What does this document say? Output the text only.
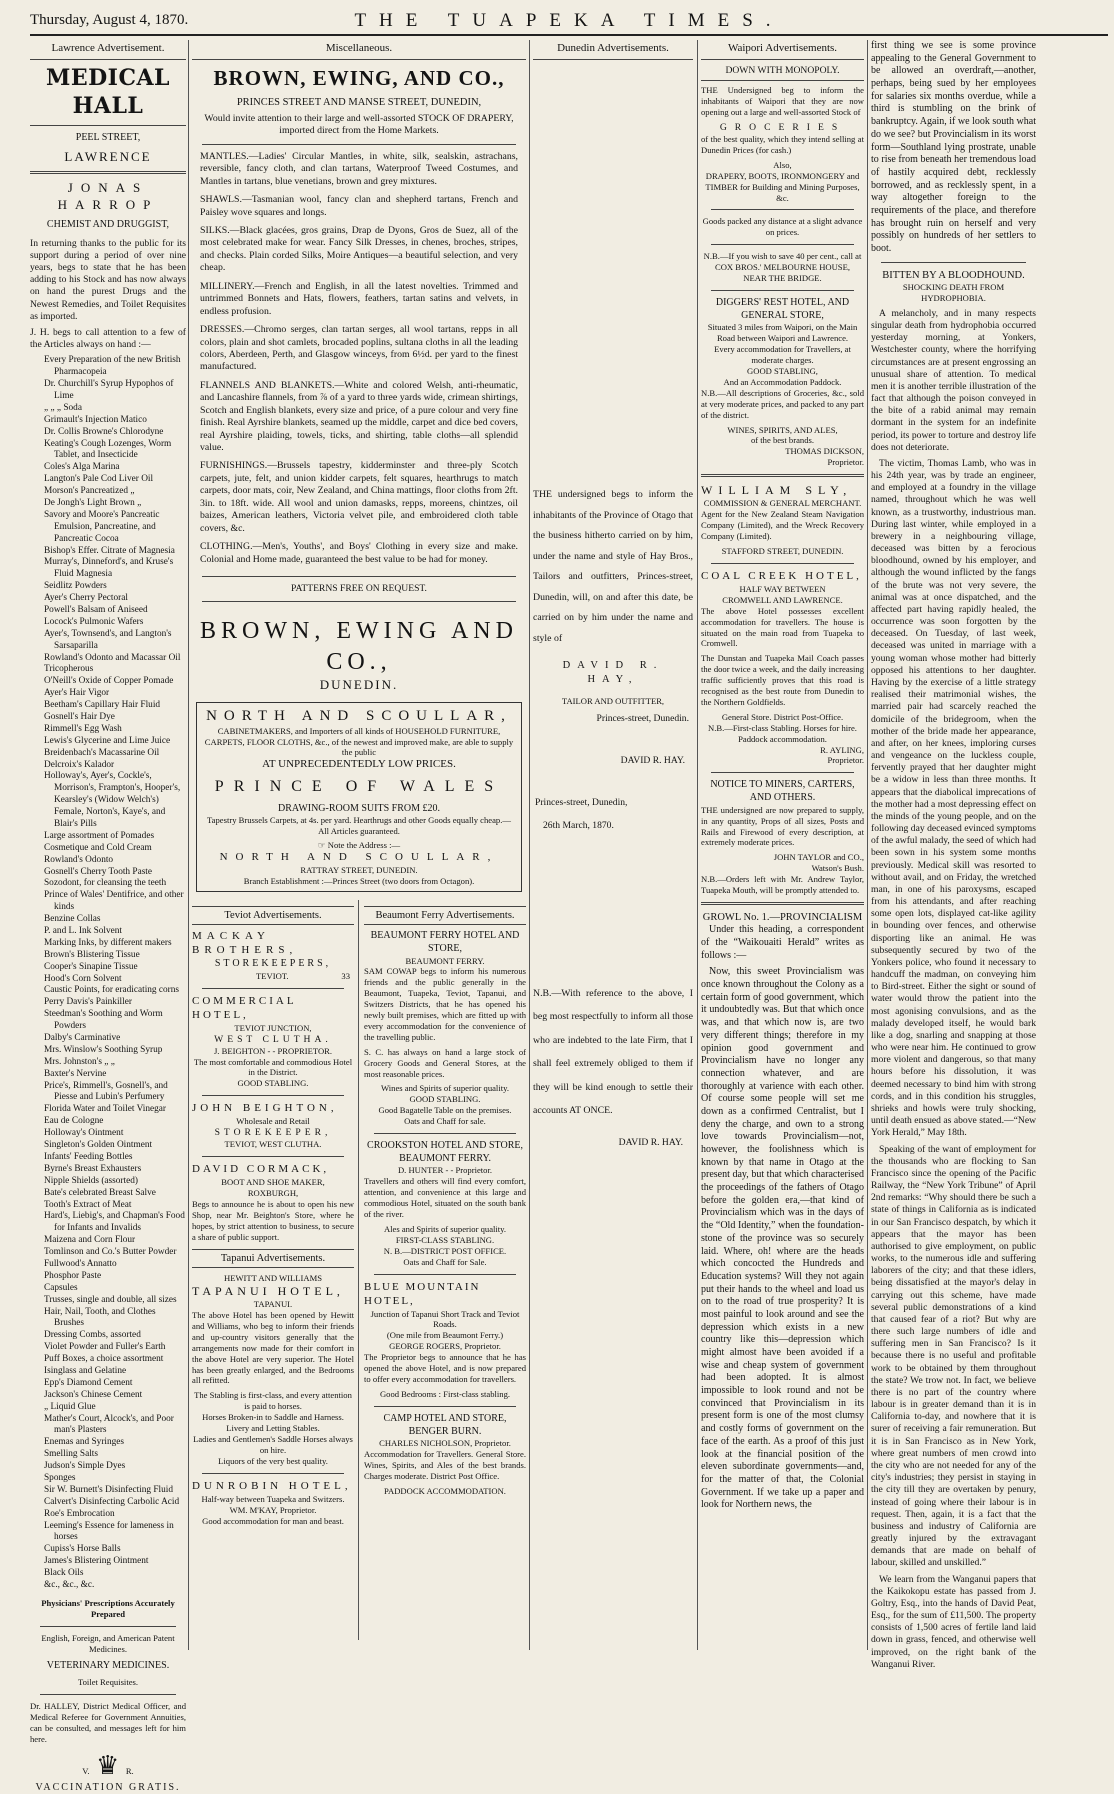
Thursday, August 4, 1870.	THE TUAPEKA TIMES.
Lawrence Advertisement.
MEDICAL HALL
PEEL STREET,
LAWRENCE
JONAS HARROP
CHEMIST AND DRUGGIST,

In returning thanks to the public for its support during a period of over nine years, begs to state that he has been adding to his Stock and has now always on hand the purest Drugs and the Newest Remedies, and Toilet Requisites as imported.

J. H. begs to call attention to a few of the Articles always on hand :—

Every Preparation of the new British Pharmacopeia
Dr. Churchill's Syrup Hypophos of Lime
„ „ „ Soda
Grimault's Injection Matico
Dr. Collis Browne's Chlorodyne
Keating's Cough Lozenges, Worm Tablet, and Insecticide
Coles's Alga Marina
Langton's Pale Cod Liver Oil
Morson's Pancreatized „
De Jongh's Light Brown „
Savory and Moore's Pancreatic Emulsion, Pancreatine, and Pancreatic Cocoa
Bishop's Effer. Citrate of Magnesia
Murray's, Dinneford's, and Kruse's Fluid Magnesia
Seidlitz Powders
Ayer's Cherry Pectoral
Powell's Balsam of Aniseed
Locock's Pulmonic Wafers
Ayer's, Townsend's, and Langton's Sarsaparilla
Rowland's Odonto and Macassar Oil
Tricopherous
O'Neill's Oxide of Copper Pomade
Ayer's Hair Vigor
Beetham's Capillary Hair Fluid
Gosnell's Hair Dye
Rimmell's Egg Wash
Lewis's Glycerine and Lime Juice
Breidenbach's Macassarine Oil
Delcroix's Kalador
Holloway's, Ayer's, Cockle's, Morrison's, Frampton's, Hooper's, Kearsley's (Widow Welch's) Female, Norton's, Kaye's, and Blair's Pills
Large assortment of Pomades
Cosmetique and Cold Cream
Rowland's Odonto
Gosnell's Cherry Tooth Paste
Sozodont, for cleansing the teeth
Prince of Wales' Dentifrice, and other kinds
Benzine Collas
P. and L. Ink Solvent
Marking Inks, by different makers
Brown's Blistering Tissue
Cooper's Sinapine Tissue
Hood's Corn Solvent
Caustic Points, for eradicating corns
Perry Davis's Painkiller
Steedman's Soothing and Worm Powders
Dalby's Carminative
Mrs. Winslow's Soothing Syrup
Mrs. Johnston's „ „
Baxter's Nervine
Price's, Rimmell's, Gosnell's, and Piesse and Lubin's Perfumery
Florida Water and Toilet Vinegar
Eau de Cologne
Holloway's Ointment
Singleton's Golden Ointment
Infants' Feeding Bottles
Byrne's Breast Exhausters
Nipple Shields (assorted)
Bate's celebrated Breast Salve
Tooth's Extract of Meat
Hard's, Liebig's, and Chapman's Food for Infants and Invalids
Maizena and Corn Flour
Tomlinson and Co.'s Butter Powder
Fullwood's Annatto
Phosphor Paste
Capsules
Trusses, single and double, all sizes
Hair, Nail, Tooth, and Clothes Brushes
Dressing Combs, assorted
Violet Powder and Fuller's Earth
Puff Boxes, a choice assortment
Isinglass and Gelatine
Epp's Diamond Cement
Jackson's Chinese Cement
„ Liquid Glue
Mather's Court, Alcock's, and Poor man's Plasters
Enemas and Syringes
Smelling Salts
Judson's Simple Dyes
Sponges
Sir W. Burnett's Disinfecting Fluid
Calvert's Disinfecting Carbolic Acid
Roe's Embrocation
Leeming's Essence for lameness in horses
Cupiss's Horse Balls
James's Blistering Ointment
Black Oils
&c., &c., &c.
Physicians' Prescriptions Accurately Prepared
English, Foreign, and American Patent Medicines.
VETERINARY MEDICINES.
Toilet Requisites.

Dr. HALLEY, District Medical Officer, and Medical Referee for Government Annuities, can be consulted, and messages left for him here.

V. ♛ R.
VACCINATION GRATIS.
Miscellaneous.
BROWN, EWING, AND CO.,
PRINCES STREET AND MANSE STREET, DUNEDIN,
Would invite attention to their large and well-assorted STOCK OF DRAPERY, imported direct from the Home Markets.

MANTLES.—Ladies' Circular Mantles, in white, silk, sealskin, astrachans, reversible, fancy cloth, and clan tartans, Waterproof Tweed Costumes, and Mantles in tartans, blue venetians, brown and grey mixtures.

SHAWLS.—Tasmanian wool, fancy clan and shepherd tartans, French and Paisley wove squares and longs.

SILKS.—Black glacées, gros grains, Drap de Dyons, Gros de Suez, all of the most celebrated make for wear. Fancy Silk Dresses, in chenes, broches, stripes, and checks. Plain corded Silks, Moire Antiques—a beautiful selection, and very cheap.

MILLINERY.—French and English, in all the latest novelties. Trimmed and untrimmed Bonnets and Hats, flowers, feathers, tartan satins and velvets, in endless profusion.

DRESSES.—Chromo serges, clan tartan serges, all wool tartans, repps in all colors, plain and shot camlets, brocaded poplins, sultana cloths in all the leading colors, Aberdeen, Perth, and Glasgow winceys, from 6½d. per yard to the finest manufactured.

FLANNELS AND BLANKETS.—White and colored Welsh, anti-rheumatic, and Lancashire flannels, from ⅞ of a yard to three yards wide, crimean shirtings, Scotch and English blankets, every size and price, of a pure colour and very fine finish. Real Ayrshire blankets, seamed up the middle, carpet and dice bed covers, real Ayrshire plaiding, towels, ticks, and shirting, table cloths—all splendid value.

FURNISHINGS.—Brussels tapestry, kidderminster and three-ply Scotch carpets, jute, felt, and union kidder carpets, felt squares, hearthrugs to match carpets, door mats, coir, New Zealand, and China mattings, floor cloths from 2ft. 3in. to 18ft. wide. All wool and union damasks, repps, moreens, chintzes, oil baizes, American leathers, Victoria velvet pile, and embroidered cloth table covers, &c.

CLOTHING.—Men's, Youths', and Boys' Clothing in every size and make. Colonial and Home made, guaranteed the best value to be had for money.

PATTERNS FREE ON REQUEST.
BROWN, EWING AND CO.,
DUNEDIN.
NORTH AND SCOULLAR,
CABINETMAKERS, and Importers of all kinds of HOUSEHOLD FURNITURE, CARPETS, FLOOR CLOTHS, &c., of the newest and improved make, are able to supply the public
AT UNPRECEDENTEDLY LOW PRICES.
PRINCE OF WALES
DRAWING-ROOM SUITS FROM £20.
Tapestry Brussels Carpets, at 4s. per yard. Hearthrugs and other Goods equally cheap.—All Articles guaranteed.
☞ Note the Address :—
NORTH AND SCOULLAR,
RATTRAY STREET, DUNEDIN.
Branch Establishment :—Princes Street (two doors from Octagon).
Teviot Advertisements.
MACKAY BROTHERS,
STOREKEEPERS,
TEVIOT.	33
COMMERCIAL HOTEL,
TEVIOT JUNCTION,
WEST CLUTHA.
J. BEIGHTON - - PROPRIETOR.
The most comfortable and commodious Hotel in the District.
GOOD STABLING.
JOHN BEIGHTON,
Wholesale and Retail
STOREKEEPER,
TEVIOT, WEST CLUTHA.
DAVID CORMACK,
BOOT AND SHOE MAKER,
ROXBURGH,

Begs to announce he is about to open his new Shop, near Mr. Beighton's Store, where he hopes, by strict attention to business, to secure a share of public support.

Tapanui Advertisements.
HEWITT AND WILLIAMS
TAPANUI HOTEL,
TAPANUI.

The above Hotel has been opened by Hewitt and Williams, who beg to inform their friends and up-country visitors generally that the arrangements now made for their comfort in the above Hotel are very superior. The Hotel has been greatly enlarged, and the Bedrooms all refitted.

The Stabling is first-class, and every attention is paid to horses.
Horses Broken-in to Saddle and Harness.
Livery and Letting Stables.
Ladies and Gentlemen's Saddle Horses always on hire.
Liquors of the very best quality.
DUNROBIN HOTEL,
Half-way between Tuapeka and Switzers.
WM. M'KAY, Proprietor.
Good accommodation for man and beast.
Beaumont Ferry Advertisements.
BEAUMONT FERRY HOTEL AND STORE,
BEAUMONT FERRY.

SAM COWAP begs to inform his numerous friends and the public generally in the Beaumont, Tuapeka, Teviot, Tapanui, and Switzers Districts, that he has opened his newly built premises, which are fitted up with every accommodation for the convenience of the travelling public.

S. C. has always on hand a large stock of Grocery Goods and General Stores, at the most reasonable prices.

Wines and Spirits of superior quality.
GOOD STABLING.
Good Bagatelle Table on the premises.
Oats and Chaff for sale.
CROOKSTON HOTEL AND STORE, BEAUMONT FERRY.
D. HUNTER - - Proprietor.

Travellers and others will find every comfort, attention, and convenience at this large and commodious Hotel, situated on the south bank of the river.

Ales and Spirits of superior quality.
FIRST-CLASS STABLING.
N. B.—DISTRICT POST OFFICE.
Oats and Chaff for Sale.
BLUE MOUNTAIN HOTEL,
Junction of Tapanui Short Track and Teviot Roads.
(One mile from Beaumont Ferry.)
GEORGE ROGERS, Proprietor.

The Proprietor begs to announce that he has opened the above Hotel, and is now prepared to offer every accommodation for travellers.

Good Bedrooms : First-class stabling.
CAMP HOTEL AND STORE, BENGER BURN.
CHARLES NICHOLSON, Proprietor.

Accommodation for Travellers. General Store. Wines, Spirits, and Ales of the best brands. Charges moderate. District Post Office.

PADDOCK ACCOMMODATION.
Dunedin Advertisements.

THE undersigned begs to inform the inhabitants of the Province of Otago that the business hitherto carried on by him, under the name and style of Hay Bros., Tailors and outfitters, Princes-street, Dunedin, will, on and after this date, be carried on by him under the name and style of

DAVID R. HAY,
TAILOR AND OUTFITTER,
Princes-street, Dunedin.
DAVID R. HAY.
Princes-street, Dunedin,
26th March, 1870.

N.B.—With reference to the above, I beg most respectfully to inform all those who are indebted to the late Firm, that I shall feel extremely obliged to them if they will be kind enough to settle their accounts AT ONCE.

DAVID R. HAY.
Waipori Advertisements.
DOWN WITH MONOPOLY.

THE Undersigned beg to inform the inhabitants of Waipori that they are now opening out a large and well-assorted Stock of

GROCERIES

of the best quality, which they intend selling at Dunedin Prices (for cash.)

Also,
DRAPERY, BOOTS, IRONMONGERY and TIMBER for Building and Mining Purposes, &c.
Goods packed any distance at a slight advance on prices.
N.B.—If you wish to save 40 per cent., call at
COX BROS.' MELBOURNE HOUSE,
NEAR THE BRIDGE.
DIGGERS' REST HOTEL, AND GENERAL STORE,
Situated 3 miles from Waipori, on the Main Road between Waipori and Lawrence.
Every accommodation for Travellers, at moderate charges.
GOOD STABLING,
And an Accommodation Paddock.

N.B.—All descriptions of Groceries, &c., sold at very moderate prices, and packed to any part of the district.

WINES, SPIRITS, AND ALES,
of the best brands.
THOMAS DICKSON,
Proprietor.
WILLIAM SLY,
COMMISSION & GENERAL MERCHANT.

Agent for the New Zealand Steam Navigation Company (Limited), and the Wreck Recovery Company (Limited).

STAFFORD STREET, DUNEDIN.
COAL CREEK HOTEL,
HALF WAY BETWEEN
CROMWELL AND LAWRENCE.

The above Hotel possesses excellent accommodation for travellers. The house is situated on the main road from Tuapeka to Cromwell.

The Dunstan and Tuapeka Mail Coach passes the door twice a week, and the daily increasing traffic sufficiently proves that this road is recognised as the best route from Dunedin to the Northern Goldfields.

General Store. District Post-Office.
N.B.—First-class Stabling. Horses for hire. Paddock accommodation.
R. AYLING,
Proprietor.
NOTICE TO MINERS, CARTERS, AND OTHERS.

THE undersigned are now prepared to supply, in any quantity, Props of all sizes, Posts and Rails and Firewood of every description, at extremely moderate prices.

JOHN TAYLOR and CO.,
Watson's Bush.

N.B.—Orders left with Mr. Andrew Taylor, Tuapeka Mouth, will be promptly attended to.

GROWL No. 1.—PROVINCIALISM

Under this heading, a correspondent of the “Waikouaiti Herald” writes as follows :—

Now, this sweet Provincialism was once known throughout the Colony as a certain form of good government, which it undoubtedly was. But that which once was, and that which now is, are two very different things; therefore in my opinion good government and Provincialism have no longer any connection whatever, and are thoroughly at varience with each other. Of course some people will set me down as a confirmed Centralist, but I deny the charge, and own to a strong love towards Provincialism—not, however, the foolishness which is known by that name in Otago at the present day, but that which characterised the proceedings of the fathers of Otago before the golden era,—that kind of Provincialism which was in the days of the “Old Identity,” when the foundation-stone of the province was so securely laid. Where, oh! where are the heads which concocted the Hundreds and Education systems? Will they not again put their hands to the wheel and load us on to the road of true prosperity? It is most painful to look around and see the depression which exists in a new country like this—depression which might almost have been avoided if a wise and cheap system of government had been adopted. It is almost impossible to look round and not be convinced that Provincialism in its present form is one of the most clumsy and costly forms of government on the face of the earth. As a proof of this just look at the financial position of the eleven subordinate governments—and, for the matter of that, the Colonial Government. If we take up a paper and look for Northern news, the

first thing we see is some province appealing to the General Government to be allowed an overdraft,—another, perhaps, being sued by her employees for salaries six months overdue, while a third is stumbling on the brink of bankruptcy. Again, if we look south what do we see? but Provincialism in its worst form—Southland lying prostrate, unable to rise from beneath her tremendous load of hastily acquired debt, recklessly borrowed, and as recklessly spent, in a way altogether foreign to the requirements of the place, and therefore has brought ruin on herself and very possibly on hundreds of her settlers to boot.

BITTEN BY A BLOODHOUND.
SHOCKING DEATH FROM HYDROPHOBIA.

A melancholy, and in many respects singular death from hydrophobia occurred yesterday morning, at Yonkers, Westchester county, where the horrifying circumstances are at present engrossing an unusual share of attention. To medical men it is another terrible illustration of the fact that although the poison conveyed in the bite of a rabid animal may remain dormant in the system for an indefinite period, its power to torture and destroy life does not deteriorate.

The victim, Thomas Lamb, who was in his 24th year, was by trade an engineer, and employed at a foundry in the village named, throughout which he was well known, as a trustworthy, industrious man. During last winter, while employed in a brewery in a neighbouring village, deceased was bitten by a ferocious bloodhound, owned by his employer, and although the wound inflicted by the fangs of the brute was not very severe, the animal was at once dispatched, and the affected part having rapidly healed, the occurrence was soon forgotten by the deceased. On Tuesday, of last week, deceased was united in marriage with a young woman whose mother had bitterly opposed his attentions to her daughter. Having by the exercise of a little strategy realised their matrimonial wishes, the married pair had scarcely reached the domicile of the bridegroom, when the mother of the bride made her appearance, and after, on her knees, imploring curses and vengeance on the luckless couple, fervently prayed that her daughter might be a widow in less than three months. It appears that the diabolical imprecations of the mother had a most depressing effect on the minds of the young people, and on the following day deceased evinced symptoms of the awful malady, the seed of which had been sown in his system some months previously. Medical skill was resorted to without avail, and on Friday, the wretched man, in one of his paroxysms, escaped from his attendants, and after reaching some open lots, displayed cat-like agility in bounding over fences, and otherwise disporting like an animal. He was subsequently secured by two of the Yonkers police, who found it necessary to handcuff the madman, on conveying him to Bird-street. Either the sight or sound of water would throw the patient into the most agonising convulsions, and as the malady developed itself, he would bark like a dog, snarling and snapping at those who were near him. He continued to grow more violent and dangerous, so that many hours before his dissolution, it was deemed necessary to bind him with strong cords, and in this condition his struggles, shrieks and howls were truly shocking, until death ensued as above stated.—“New York Herald,” May 18th.

Speaking of the want of employment for the thousands who are flocking to San Francisco since the opening of the Pacific Railway, the “New York Tribune” of April 2nd remarks: “Why should there be such a state of things in California as is indicated in our San Francisco despatch, by which it appears that the mayor has been authorised to give employment, on public works, to the numerous idle and suffering laborers of the city; and that these idlers, being dissatisfied at the mayor's delay in carrying out this scheme, have made several public demonstrations of a kind that caused fear of a riot? But why are there such large numbers of idle and suffering men in San Francisco? Is it because there is no useful and profitable work to be obtained by them throughout the state? We trow not. In fact, we believe there is no part of the country where labour is in greater demand than it is in California to-day, and nowhere that it is surer of receiving a fair remuneration. But it is in San Francisco as in New York, where great numbers of men crowd into the city who are not needed for any of the city's industries; they persist in staying in the city till they are overtaken by penury, instead of going where their labour is in request. Then, again, it is a fact that the business and industry of California are greatly injured by the extravagant demands that are made on behalf of labour, skilled and unskilled.”

We learn from the Wanganui papers that the Kaikokopu estate has passed from J. Goltry, Esq., into the hands of David Peat, Esq., for the sum of £11,500. The property consists of 1,500 acres of fertile land laid down in grass, fenced, and otherwise well improved, on the right bank of the Wanganui River.
